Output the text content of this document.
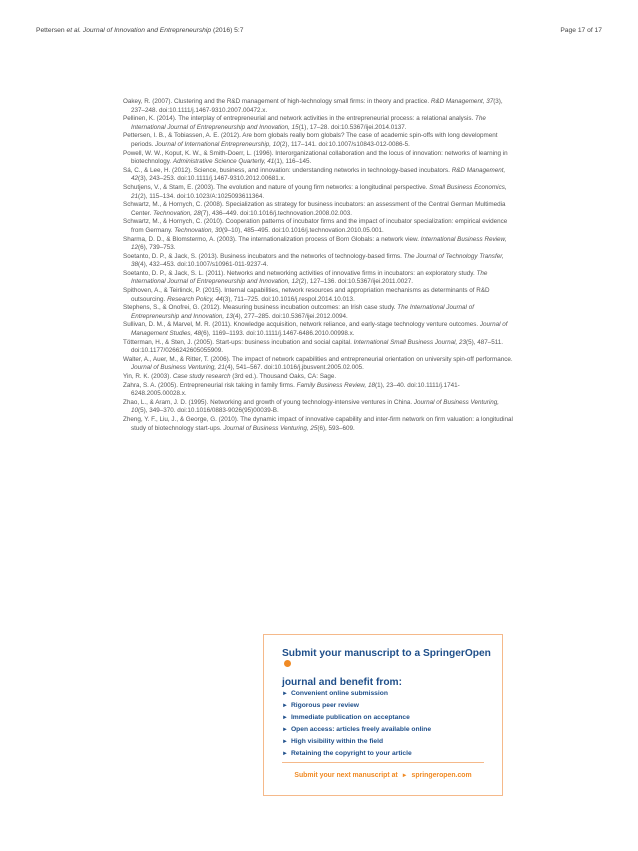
Pettersen et al. Journal of Innovation and Entrepreneurship (2016) 5:7	Page 17 of 17

Oakey, R. (2007). Clustering and the R&D management of high-technology small firms: in theory and practice. R&D Management, 37(3), 237–248. doi:10.1111/j.1467-9310.2007.00472.x.

Pellinen, K. (2014). The interplay of entrepreneurial and network activities in the entrepreneurial process: a relational analysis. The International Journal of Entrepreneurship and Innovation, 15(1), 17–28. doi:10.5367/ijei.2014.0137.

Pettersen, I. B., & Tobiassen, A. E. (2012). Are born globals really born globals? The case of academic spin-offs with long development periods. Journal of International Entrepreneurship, 10(2), 117–141. doi:10.1007/s10843-012-0086-5.

Powell, W. W., Koput, K. W., & Smith-Doerr, L. (1996). Interorganizational collaboration and the locus of innovation: networks of learning in biotechnology. Administrative Science Quarterly, 41(1), 116–145.

Sá, C., & Lee, H. (2012). Science, business, and innovation: understanding networks in technology-based incubators. R&D Management, 42(3), 243–253. doi:10.1111/j.1467-9310.2012.00681.x.

Schutjens, V., & Stam, E. (2003). The evolution and nature of young firm networks: a longitudinal perspective. Small Business Economics, 21(2), 115–134. doi:10.1023/A:1025093611364.

Schwartz, M., & Hornych, C. (2008). Specialization as strategy for business incubators: an assessment of the Central German Multimedia Center. Technovation, 28(7), 436–449. doi:10.1016/j.technovation.2008.02.003.

Schwartz, M., & Hornych, C. (2010). Cooperation patterns of incubator firms and the impact of incubator specialization: empirical evidence from Germany. Technovation, 30(9–10), 485–495. doi:10.1016/j.technovation.2010.05.001.

Sharma, D. D., & Blomstermo, A. (2003). The internationalization process of Born Globals: a network view. International Business Review, 12(6), 739–753.

Soetanto, D. P., & Jack, S. (2013). Business incubators and the networks of technology-based firms. The Journal of Technology Transfer, 38(4), 432–453. doi:10.1007/s10961-011-9237-4.

Soetanto, D. P., & Jack, S. L. (2011). Networks and networking activities of innovative firms in incubators: an exploratory study. The International Journal of Entrepreneurship and Innovation, 12(2), 127–136. doi:10.5367/ijei.2011.0027.

Spithoven, A., & Teirlinck, P. (2015). Internal capabilities, network resources and appropriation mechanisms as determinants of R&D outsourcing. Research Policy, 44(3), 711–725. doi:10.1016/j.respol.2014.10.013.

Stephens, S., & Onofrei, G. (2012). Measuring business incubation outcomes: an Irish case study. The International Journal of Entrepreneurship and Innovation, 13(4), 277–285. doi:10.5367/ijei.2012.0094.

Sullivan, D. M., & Marvel, M. R. (2011). Knowledge acquisition, network reliance, and early-stage technology venture outcomes. Journal of Management Studies, 48(6), 1169–1193. doi:10.1111/j.1467-6486.2010.00998.x.

Tötterman, H., & Sten, J. (2005). Start-ups: business incubation and social capital. International Small Business Journal, 23(5), 487–511. doi:10.1177/0266242605055909.

Walter, A., Auer, M., & Ritter, T. (2006). The impact of network capabilities and entrepreneurial orientation on university spin-off performance. Journal of Business Venturing, 21(4), 541–567. doi:10.1016/j.jbusvent.2005.02.005.

Yin, R. K. (2003). Case study research (3rd ed.). Thousand Oaks, CA: Sage.

Zahra, S. A. (2005). Entrepreneurial risk taking in family firms. Family Business Review, 18(1), 23–40. doi:10.1111/j.1741-6248.2005.00028.x.

Zhao, L., & Aram, J. D. (1995). Networking and growth of young technology-intensive ventures in China. Journal of Business Venturing, 10(5), 349–370. doi:10.1016/0883-9026(95)00039-B.

Zheng, Y. F., Liu, J., & George, G. (2010). The dynamic impact of innovative capability and inter-firm network on firm valuation: a longitudinal study of biotechnology start-ups. Journal of Business Venturing, 25(6), 593–609.

Submit your manuscript to a SpringerOpen
journal and benefit from:
► Convenient online submission
► Rigorous peer review
► Immediate publication on acceptance
► Open access: articles freely available online
► High visibility within the field
► Retaining the copyright to your article
Submit your next manuscript at ► springeropen.com
